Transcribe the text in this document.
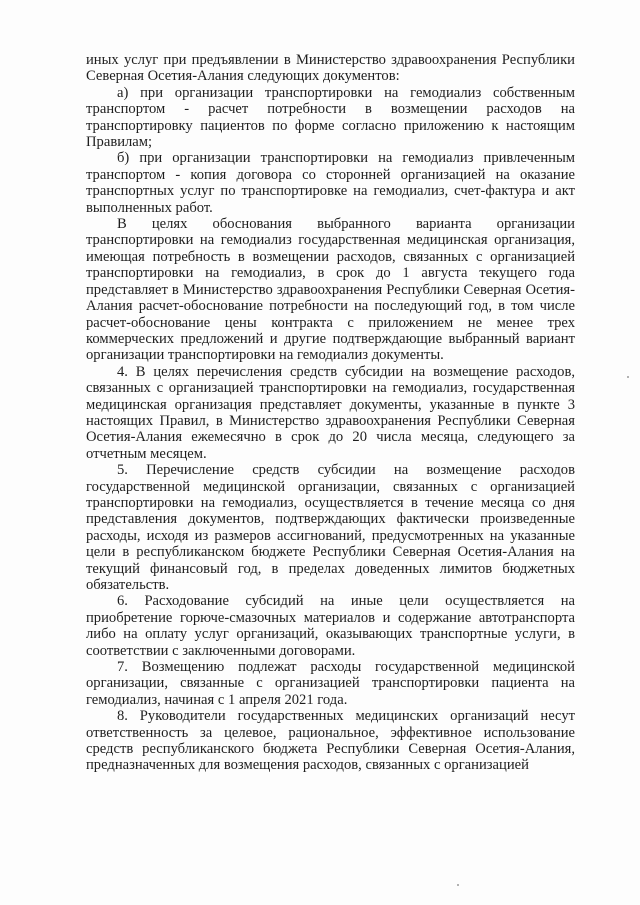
иных услуг при предъявлении в Министерство здравоохранения Республики Северная Осетия-Алания следующих документов:

а) при организации транспортировки на гемодиализ собственным транспортом - расчет потребности в возмещении расходов на транспортировку пациентов по форме согласно приложению к настоящим Правилам;

б) при организации транспортировки на гемодиализ привлеченным транспортом - копия договора со сторонней организацией на оказание транспортных услуг по транспортировке на гемодиализ, счет-фактура и акт выполненных работ.

В целях обоснования выбранного варианта организации транспортировки на гемодиализ государственная медицинская организация, имеющая потребность в возмещении расходов, связанных с организацией транспортировки на гемодиализ, в срок до 1 августа текущего года представляет в Министерство здравоохранения Республики Северная Осетия-Алания расчет-обоснование потребности на последующий год, в том числе расчет-обоснование цены контракта с приложением не менее трех коммерческих предложений и другие подтверждающие выбранный вариант организации транспортировки на гемодиализ документы.

4. В целях перечисления средств субсидии на возмещение расходов, связанных с организацией транспортировки на гемодиализ, государственная медицинская организация представляет документы, указанные в пункте 3 настоящих Правил, в Министерство здравоохранения Республики Северная Осетия-Алания ежемесячно в срок до 20 числа месяца, следующего за отчетным месяцем.

5. Перечисление средств субсидии на возмещение расходов государственной медицинской организации, связанных с организацией транспортировки на гемодиализ, осуществляется в течение месяца со дня представления документов, подтверждающих фактически произведенные расходы, исходя из размеров ассигнований, предусмотренных на указанные цели в республиканском бюджете Республики Северная Осетия-Алания на текущий финансовый год, в пределах доведенных лимитов бюджетных обязательств.

6. Расходование субсидий на иные цели осуществляется на приобретение горюче-смазочных материалов и содержание автотранспорта либо на оплату услуг организаций, оказывающих транспортные услуги, в соответствии с заключенными договорами.

7. Возмещению подлежат расходы государственной медицинской организации, связанные с организацией транспортировки пациента на гемодиализ, начиная с 1 апреля 2021 года.

8. Руководители государственных медицинских организаций несут ответственность за целевое, рациональное, эффективное использование средств республиканского бюджета Республики Северная Осетия-Алания, предназначенных для возмещения расходов, связанных с организацией
